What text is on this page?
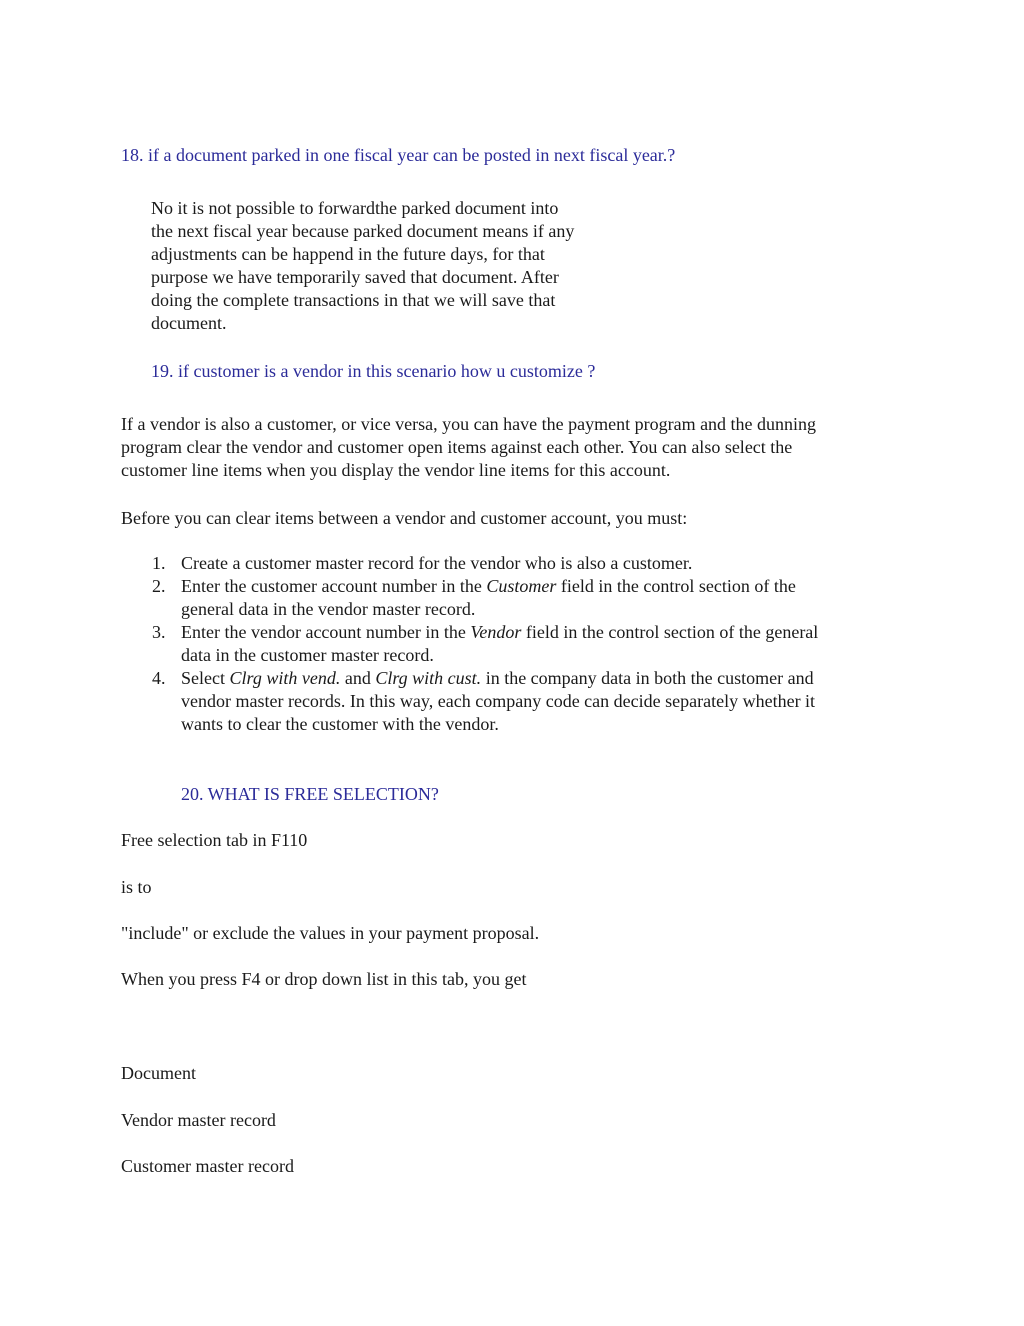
18. if a document parked in one fiscal year can be posted in next fiscal year.?
No it is not possible to forwardthe parked document into
the next fiscal year because parked document means if any
adjustments can be happend in the future days, for that
purpose we have temporarily saved that document. After
doing the complete transactions in that we will save that
document.
19. if customer is a vendor in this scenario how u customize ?
If a vendor is also a customer, or vice versa, you can have the payment program and the dunning
program clear the vendor and customer open items against each other. You can also select the
customer line items when you display the vendor line items for this account.
Before you can clear items between a vendor and customer account, you must:
1. Create a customer master record for the vendor who is also a customer.
2. Enter the customer account number in the Customer field in the control section of the
general data in the vendor master record.
3. Enter the vendor account number in the Vendor field in the control section of the general
data in the customer master record.
4. Select Clrg with vend. and Clrg with cust. in the company data in both the customer and
vendor master records. In this way, each company code can decide separately whether it
wants to clear the customer with the vendor.
20. WHAT IS FREE SELECTION?
Free selection tab in F110
is to
"include" or exclude the values in your payment proposal.
When you press F4 or drop down list in this tab, you get
Document
Vendor master record
Customer master record
